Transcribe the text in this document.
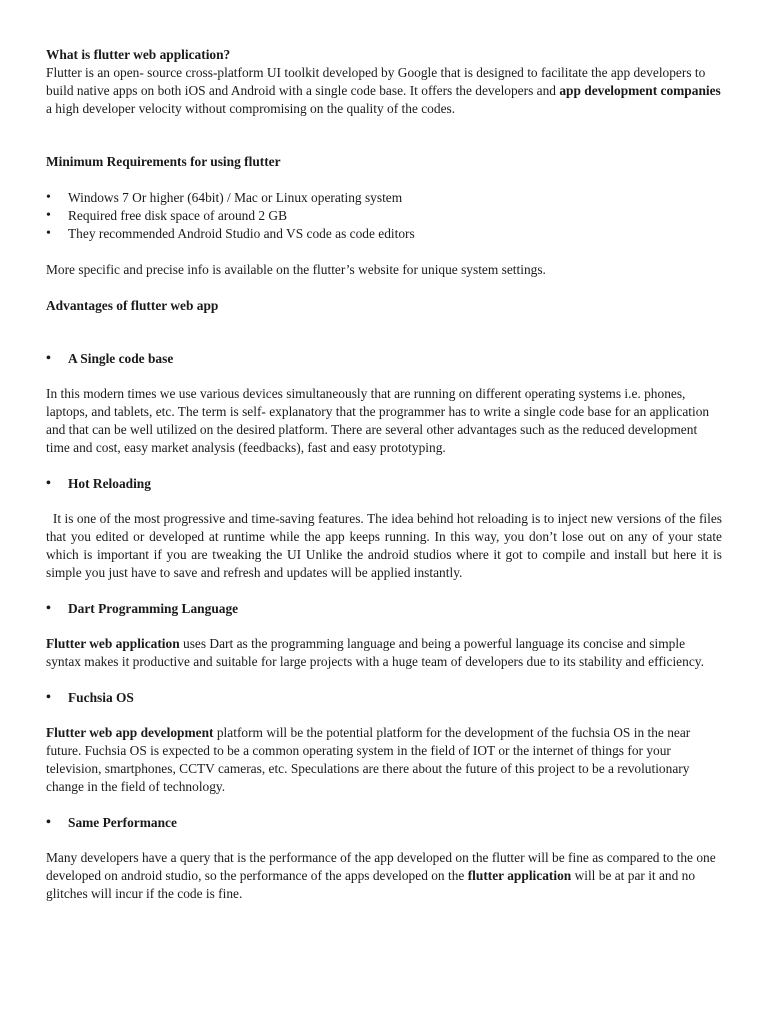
What is flutter web application?

Flutter is an open- source cross-platform UI toolkit developed by Google that is designed to facilitate the app developers to build native apps on both iOS and Android with a single code base. It offers the developers and app development companies a high developer velocity without compromising on the quality of the codes.

Minimum Requirements for using flutter

• Windows 7 Or higher (64bit) / Mac or Linux operating system
• Required free disk space of around 2 GB
• They recommended Android Studio and VS code as code editors

More specific and precise info is available on the flutter’s website for unique system settings.

Advantages of flutter web app

• A Single code base

In this modern times we use various devices simultaneously that are running on different operating systems i.e. phones, laptops, and tablets, etc. The term is self- explanatory that the programmer has to write a single code base for an application and that can be well utilized on the desired platform. There are several other advantages such as the reduced development time and cost, easy market analysis (feedbacks), fast and easy prototyping.

• Hot Reloading

It is one of the most progressive and time-saving features. The idea behind hot reloading is to inject new versions of the files that you edited or developed at runtime while the app keeps running. In this way, you don’t lose out on any of your state which is important if you are tweaking the UI Unlike the android studios where it got to compile and install but here it is simple you just have to save and refresh and updates will be applied instantly.

• Dart Programming Language

Flutter web application uses Dart as the programming language and being a powerful language its concise and simple syntax makes it productive and suitable for large projects with a huge team of developers due to its stability and efficiency.

• Fuchsia OS

Flutter web app development platform will be the potential platform for the development of the fuchsia OS in the near future. Fuchsia OS is expected to be a common operating system in the field of IOT or the internet of things for your television, smartphones, CCTV cameras, etc. Speculations are there about the future of this project to be a revolutionary change in the field of technology.

• Same Performance

Many developers have a query that is the performance of the app developed on the flutter will be fine as compared to the one developed on android studio, so the performance of the apps developed on the flutter application will be at par it and no glitches will incur if the code is fine.
